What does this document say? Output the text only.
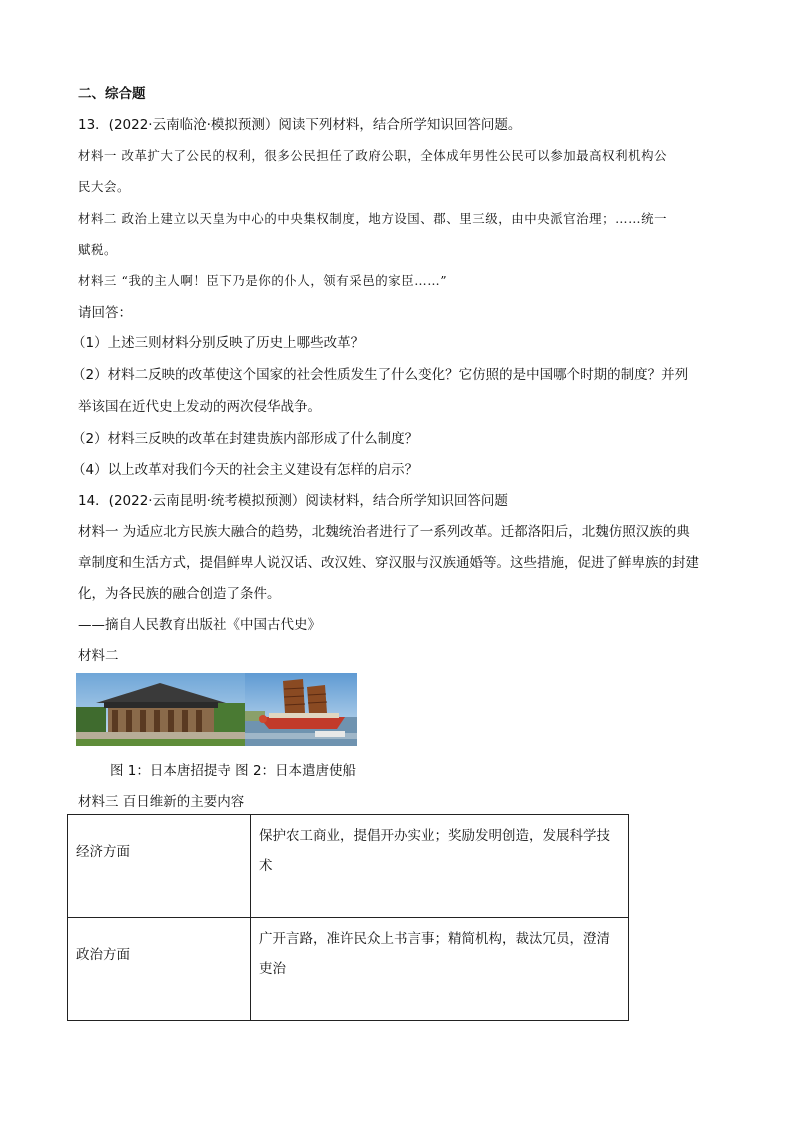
二、综合题
13．(2022·云南临沧·模拟预测）阅读下列材料，结合所学知识回答问题。
材料一 改革扩大了公民的权利，很多公民担任了政府公职，全体成年男性公民可以参加最高权利机构公
民大会。
材料二 政治上建立以天皇为中心的中央集权制度，地方设国、郡、里三级，由中央派官治理；……统一
赋税。
材料三 “我的主人啊！臣下乃是你的仆人，领有采邑的家臣……”
请回答：
（1）上述三则材料分别反映了历史上哪些改革？
（2）材料二反映的改革使这个国家的社会性质发生了什么变化？它仿照的是中国哪个时期的制度？并列
举该国在近代史上发动的两次侵华战争。
（2）材料三反映的改革在封建贵族内部形成了什么制度？
（4）以上改革对我们今天的社会主义建设有怎样的启示？
14．(2022·云南昆明·统考模拟预测）阅读材料，结合所学知识回答问题
材料一 为适应北方民族大融合的趋势，北魏统治者进行了一系列改革。迁都洛阳后，北魏仿照汉族的典
章制度和生活方式，提倡鲜卑人说汉话、改汉姓、穿汉服与汉族通婚等。这些措施，促进了鲜卑族的封建
化，为各民族的融合创造了条件。
——摘自人民教育出版社《中国古代史》
材料二
图 1：日本唐招提寺 图 2：日本遣唐使船
材料三 百日维新的主要内容
经济方面	保护农工商业，提倡开办实业；奖励发明创造，发展科学技
术

政治方面	广开言路，准许民众上书言事；精简机构，裁汰冗员，澄清
吏治
